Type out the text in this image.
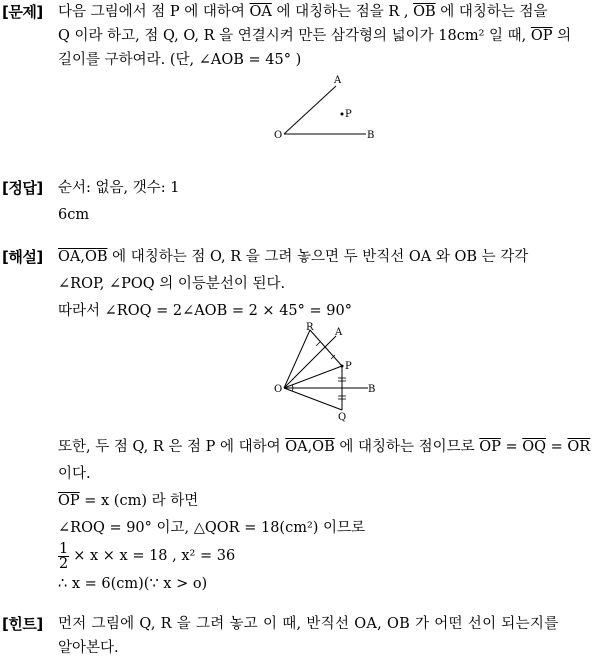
[문제] 다음 그림에서 점 P 에 대하여 $\overline{OA}$ 에 대칭하는 점을 R , $\overline{OB}$ 에 대칭하는 점을
Q 이라 하고, 점 Q, O, R 을 연결시켜 만든 삼각형의 넓이가 18cm² 일 때, $\overline{OP}$ 의
길이를 구하여라. (단, ∠AOB = 45° )
A
O	B
P
[정답] 순서: 없음, 갯수: 1
6cm
[해설] OA,OB 에 대칭하는 점 O, R 을 그려 놓으면 두 반직선 OA 와 OB 는 각각
∠ROP, ∠POQ 의 이등분선이 된다.
따라서 ∠ROQ = 2∠AOB = 2 × 45° = 90°
R A
P
O	B
Q
또한, 두 점 Q, R 은 점 P 에 대하여 OA,OB 에 대칭하는 점이므로 $\overline{OP} = \overline{OQ} = \overline{OR}$
이다.
$\overline{OP} = x$ (cm) 라 하면
∠ROQ = 90° 이고, △QOR = 18(cm²) 이므로
$\frac{1}{2} \times x \times x = 18$ , x² = 36
∴ x = 6(cm)(∵ x > o)
[힌트] 먼저 그림에 Q, R 을 그려 놓고 이 때, 반직선 OA, OB 가 어떤 선이 되는지를
알아본다.
